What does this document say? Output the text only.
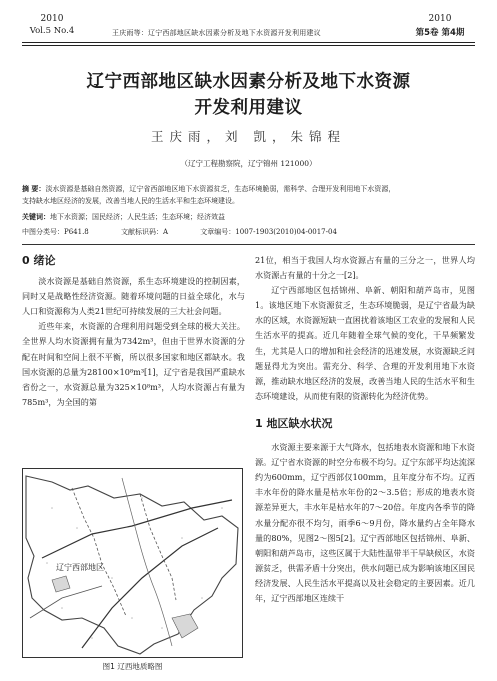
2010
Vol.5 No.4	王庆雨等：辽宁西部地区缺水因素分析及地下水资源开发利用建议
2010
第5卷 第4期
辽宁西部地区缺水因素分析及地下水资源
开发利用建议
王庆雨，刘 凯，朱锦程
（辽宁工程勘察院，辽宁锦州 121000）
摘 要：淡水资源是基础自然资源，辽宁省西部地区地下水资源贫乏，生态环境脆弱，需科学、合理开发利用地下水资源，
支持缺水地区经济的发展，改善当地人民的生活水平和生态环境建设。
关键词：地下水资源；国民经济；人民生活；生态环境；经济效益
中图分类号：P641.8	文献标识码：A	文章编号：1007-1903(2010)04-0017-04
0 绪论
淡水资源是基础自然资源，系生态环境建设的控制因素，同时又是战略性经济资源。随着环境问题的日益全球化，水与人口和资源称为人类21世纪可持续发展的三大社会问题。
近些年来，水资源的合理利用问题受到全球的极大关注。全世界人均水资源拥有量为7342m³，但由于世界水资源的分配在时间和空间上很不平衡，所以很多国家和地区都缺水。我国水资源的总量为28100×10⁸m³[1]，辽宁省是我国严重缺水省份之一，水资源总量为325×10⁸m³，人均水资源占有量为785m³，为全国的第
辽宁西部地区
图1 辽西地质略图
21位，相当于我国人均水资源占有量的三分之一，世界人均水资源占有量的十分之一[2]。
辽宁西部地区包括锦州、阜新、朝阳和葫芦岛市，见图1。该地区地下水资源贫乏，生态环境脆弱，是辽宁省最为缺水的区域，水资源短缺一直困扰着该地区工农业的发展和人民生活水平的提高。近几年随着全球气候的变化，干旱频繁发生，尤其是人口的增加和社会经济的迅速发展，水资源缺乏问题显得尤为突出。需充分、科学、合理的开发利用地下水资源，推动缺水地区经济的发展，改善当地人民的生活水平和生态环境建设，从而使有限的资源转化为经济优势。
1 地区缺水状况
水资源主要来源于大气降水，包括地表水资源和地下水资源。辽宁省水资源的时空分布极不均匀。辽宁东部平均达流深约为600mm，辽宁西部仅100mm，且年度分布不均。辽西丰水年份的降水量是枯水年份的2～3.5倍；形成的地表水资源差异更大，丰水年是枯水年的7～20倍。年度内各季节的降水量分配亦很不均匀，雨季6～9月份，降水量约占全年降水量的80%，见图2～图5[2]。辽宁西部地区包括锦州、阜新、朝阳和葫芦岛市，这些区属于大陆性温带半干旱缺候区，水资源贫乏，供需矛盾十分突出，供水问题已成为影响该地区国民经济发展、人民生活水平提高以及社会稳定的主要因素。近几年，辽宁西部地区连续干
